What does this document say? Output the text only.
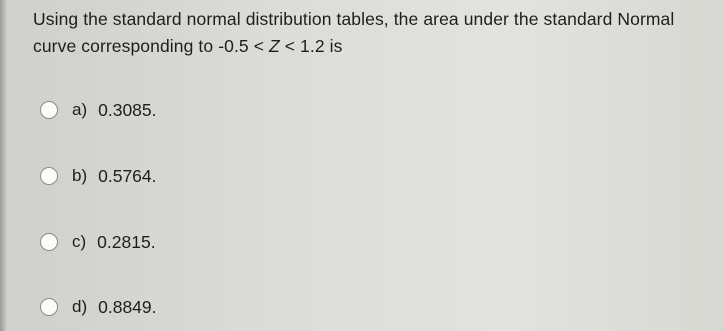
Using the standard normal distribution tables, the area under the standard Normal
curve corresponding to -0.5 < Z < 1.2 is
a) 0.3085.
b) 0.5764.
c) 0.2815.
d) 0.8849.
